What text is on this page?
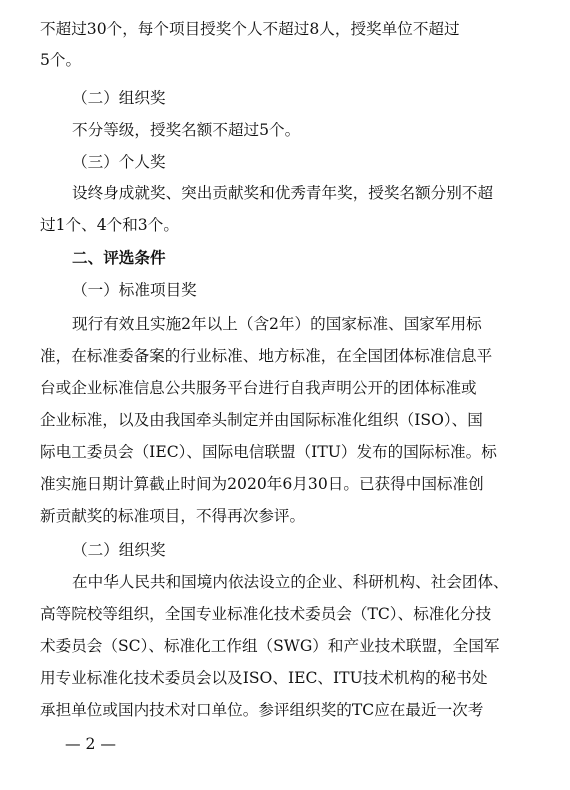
不超过30个，每个项目授奖个人不超过8人，授奖单位不超过
5个。
（二）组织奖
不分等级，授奖名额不超过5个。
（三）个人奖
设终身成就奖、突出贡献奖和优秀青年奖，授奖名额分别不超
过1个、4个和3个。
二、评选条件
（一）标准项目奖
现行有效且实施2年以上（含2年）的国家标准、国家军用标
准，在标准委备案的行业标准、地方标准，在全国团体标准信息平
台或企业标准信息公共服务平台进行自我声明公开的团体标准或
企业标准，以及由我国牵头制定并由国际标准化组织（ISO）、国
际电工委员会（IEC）、国际电信联盟（ITU）发布的国际标准。标
准实施日期计算截止时间为2020年6月30日。已获得中国标准创
新贡献奖的标准项目，不得再次参评。
（二）组织奖
在中华人民共和国境内依法设立的企业、科研机构、社会团体、
高等院校等组织，全国专业标准化技术委员会（TC）、标准化分技
术委员会（SC）、标准化工作组（SWG）和产业技术联盟，全国军
用专业标准化技术委员会以及ISO、IEC、ITU技术机构的秘书处
承担单位或国内技术对口单位。参评组织奖的TC应在最近一次考
— 2 —
